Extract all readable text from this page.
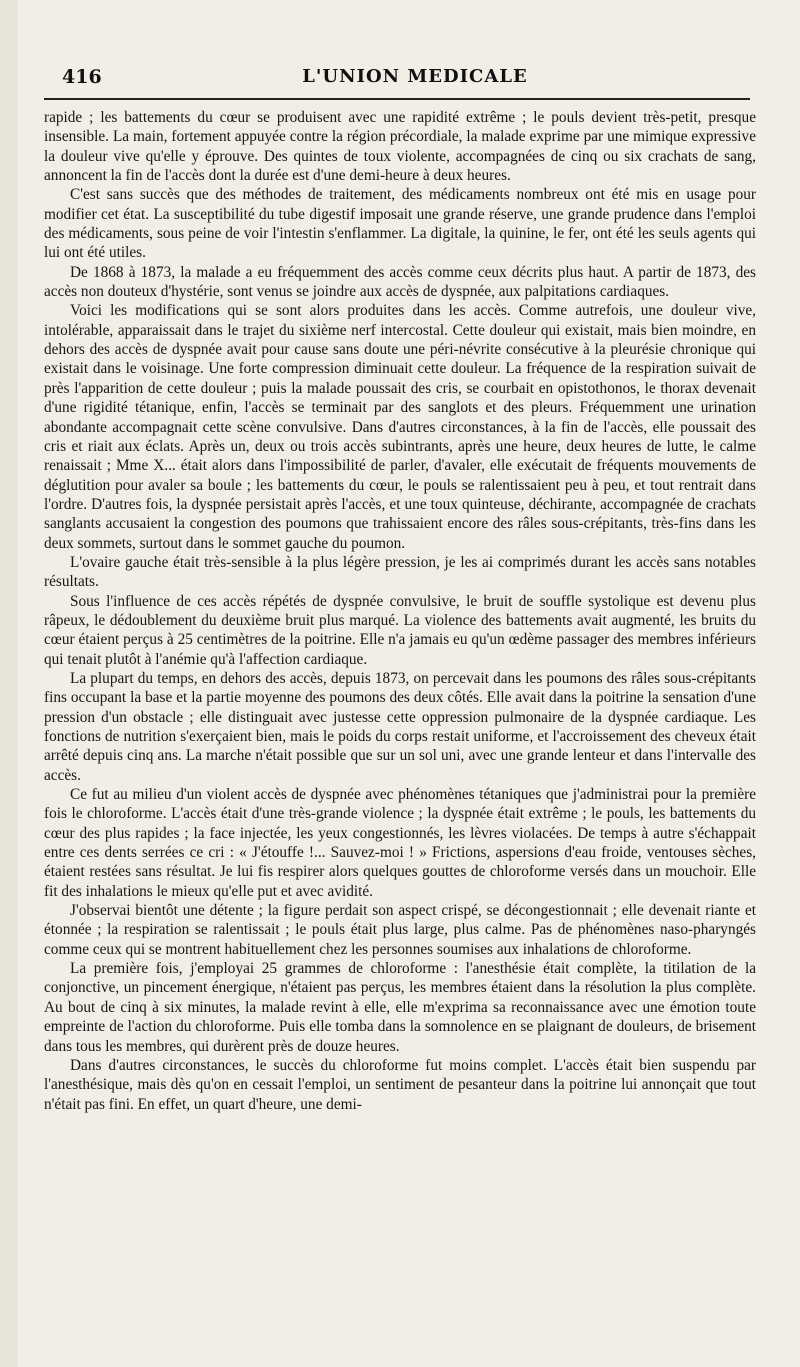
416	L'UNION MEDICALE

rapide ; les battements du cœur se produisent avec une rapidité extrême ; le pouls devient très-petit, presque insensible. La main, fortement appuyée contre la région précordiale, la malade exprime par une mimique expressive la douleur vive qu'elle y éprouve. Des quintes de toux violente, accompagnées de cinq ou six crachats de sang, annoncent la fin de l'accès dont la durée est d'une demi-heure à deux heures.

C'est sans succès que des méthodes de traitement, des médicaments nombreux ont été mis en usage pour modifier cet état. La susceptibilité du tube digestif imposait une grande réserve, une grande prudence dans l'emploi des médicaments, sous peine de voir l'intestin s'enflammer. La digitale, la quinine, le fer, ont été les seuls agents qui lui ont été utiles.

De 1868 à 1873, la malade a eu fréquemment des accès comme ceux décrits plus haut. A partir de 1873, des accès non douteux d'hystérie, sont venus se joindre aux accès de dyspnée, aux palpitations cardiaques.

Voici les modifications qui se sont alors produites dans les accès. Comme autrefois, une douleur vive, intolérable, apparaissait dans le trajet du sixième nerf intercostal. Cette douleur qui existait, mais bien moindre, en dehors des accès de dyspnée avait pour cause sans doute une péri-névrite consécutive à la pleurésie chronique qui existait dans le voisinage. Une forte compression diminuait cette douleur. La fréquence de la respiration suivait de près l'apparition de cette douleur ; puis la malade poussait des cris, se courbait en opistothonos, le thorax devenait d'une rigidité tétanique, enfin, l'accès se terminait par des sanglots et des pleurs. Fréquemment une urination abondante accompagnait cette scène convulsive. Dans d'autres circonstances, à la fin de l'accès, elle poussait des cris et riait aux éclats. Après un, deux ou trois accès subintrants, après une heure, deux heures de lutte, le calme renaissait ; Mme X... était alors dans l'impossibilité de parler, d'avaler, elle exécutait de fréquents mouvements de déglutition pour avaler sa boule ; les battements du cœur, le pouls se ralentissaient peu à peu, et tout rentrait dans l'ordre. D'autres fois, la dyspnée persistait après l'accès, et une toux quinteuse, déchirante, accompagnée de crachats sanglants accusaient la congestion des poumons que trahissaient encore des râles sous-crépitants, très-fins dans les deux sommets, surtout dans le sommet gauche du poumon.

L'ovaire gauche était très-sensible à la plus légère pression, je les ai comprimés durant les accès sans notables résultats.

Sous l'influence de ces accès répétés de dyspnée convulsive, le bruit de souffle systolique est devenu plus râpeux, le dédoublement du deuxième bruit plus marqué. La violence des battements avait augmenté, les bruits du cœur étaient perçus à 25 centimètres de la poitrine. Elle n'a jamais eu qu'un œdème passager des membres inférieurs qui tenait plutôt à l'anémie qu'à l'affection cardiaque.

La plupart du temps, en dehors des accès, depuis 1873, on percevait dans les poumons des râles sous-crépitants fins occupant la base et la partie moyenne des poumons des deux côtés. Elle avait dans la poitrine la sensation d'une pression d'un obstacle ; elle distinguait avec justesse cette oppression pulmonaire de la dyspnée cardiaque. Les fonctions de nutrition s'exerçaient bien, mais le poids du corps restait uniforme, et l'accroissement des cheveux était arrêté depuis cinq ans. La marche n'était possible que sur un sol uni, avec une grande lenteur et dans l'intervalle des accès.

Ce fut au milieu d'un violent accès de dyspnée avec phénomènes tétaniques que j'administrai pour la première fois le chloroforme. L'accès était d'une très-grande violence ; la dyspnée était extrême ; le pouls, les battements du cœur des plus rapides ; la face injectée, les yeux congestionnés, les lèvres violacées. De temps à autre s'échappait entre ces dents serrées ce cri : « J'étouffe !... Sauvez-moi ! » Frictions, aspersions d'eau froide, ventouses sèches, étaient restées sans résultat. Je lui fis respirer alors quelques gouttes de chloroforme versés dans un mouchoir. Elle fit des inhalations le mieux qu'elle put et avec avidité.

J'observai bientôt une détente ; la figure perdait son aspect crispé, se décongestionnait ; elle devenait riante et étonnée ; la respiration se ralentissait ; le pouls était plus large, plus calme. Pas de phénomènes naso-pharyngés comme ceux qui se montrent habituellement chez les personnes soumises aux inhalations de chloroforme.

La première fois, j'employai 25 grammes de chloroforme : l'anesthésie était complète, la titilation de la conjonctive, un pincement énergique, n'étaient pas perçus, les membres étaient dans la résolution la plus complète. Au bout de cinq à six minutes, la malade revint à elle, elle m'exprima sa reconnaissance avec une émotion toute empreinte de l'action du chloroforme. Puis elle tomba dans la somnolence en se plaignant de douleurs, de brisement dans tous les membres, qui durèrent près de douze heures.

Dans d'autres circonstances, le succès du chloroforme fut moins complet. L'accès était bien suspendu par l'anesthésique, mais dès qu'on en cessait l'emploi, un sentiment de pesanteur dans la poitrine lui annonçait que tout n'était pas fini. En effet, un quart d'heure, une demi-
